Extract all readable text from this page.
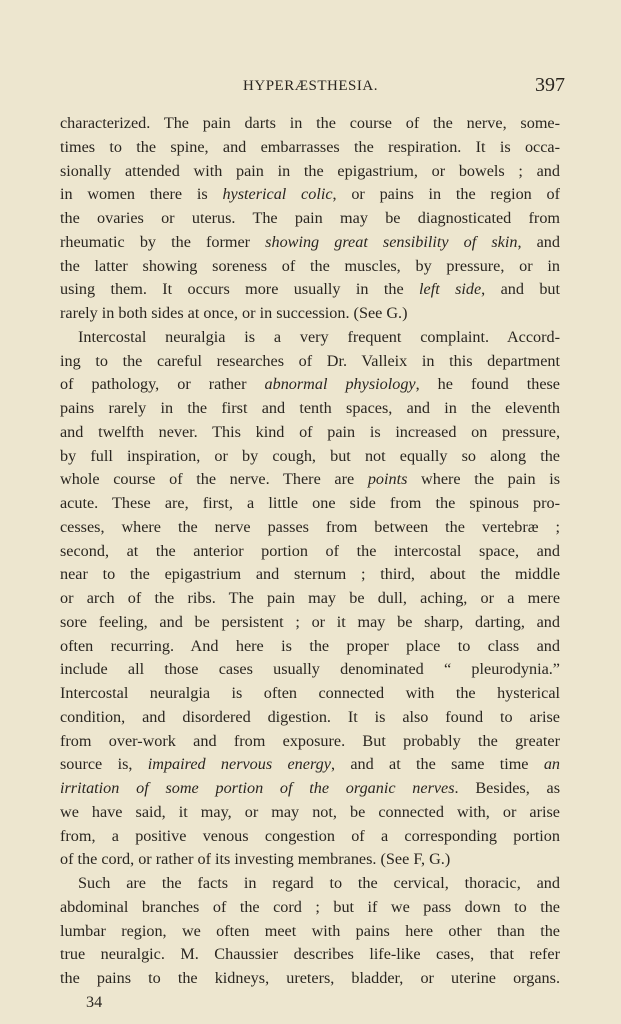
HYPERÆSTHESIA.	397
characterized. The pain darts in the course of the nerve, some-
times to the spine, and embarrasses the respiration. It is occa-
sionally attended with pain in the epigastrium, or bowels ; and
in women there is hysterical colic, or pains in the region of
the ovaries or uterus. The pain may be diagnosticated from
rheumatic by the former showing great sensibility of skin, and
the latter showing soreness of the muscles, by pressure, or in
using them. It occurs more usually in the left side, and but
rarely in both sides at once, or in succession. (See G.)
Intercostal neuralgia is a very frequent complaint. Accord-
ing to the careful researches of Dr. Valleix in this department
of pathology, or rather abnormal physiology, he found these
pains rarely in the first and tenth spaces, and in the eleventh
and twelfth never. This kind of pain is increased on pressure,
by full inspiration, or by cough, but not equally so along the
whole course of the nerve. There are points where the pain is
acute. These are, first, a little one side from the spinous pro-
cesses, where the nerve passes from between the vertebræ ;
second, at the anterior portion of the intercostal space, and
near to the epigastrium and sternum ; third, about the middle
or arch of the ribs. The pain may be dull, aching, or a mere
sore feeling, and be persistent ; or it may be sharp, darting, and
often recurring. And here is the proper place to class and
include all those cases usually denominated “ pleurodynia.”
Intercostal neuralgia is often connected with the hysterical
condition, and disordered digestion. It is also found to arise
from over-work and from exposure. But probably the greater
source is, impaired nervous energy, and at the same time an
irritation of some portion of the organic nerves. Besides, as
we have said, it may, or may not, be connected with, or arise
from, a positive venous congestion of a corresponding portion
of the cord, or rather of its investing membranes. (See F, G.)
Such are the facts in regard to the cervical, thoracic, and
abdominal branches of the cord ; but if we pass down to the
lumbar region, we often meet with pains here other than the
true neuralgic. M. Chaussier describes life-like cases, that refer
the pains to the kidneys, ureters, bladder, or uterine organs.
34
